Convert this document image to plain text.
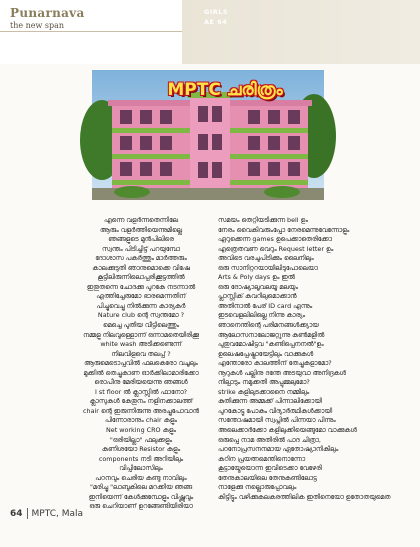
Punarnava
the new span
GIRLS
AE 64
MPTC ചരിത്രം

എന്നെ വളർന്നതെന്നിലേ

ആരും വളർത്തിയെന്നുമില്ലെ

ഞങ്ങളുടെ മുൻപിലിരെ

സ്വന്തം പിടിച്ചിട്ട് പറയുമ്പോ

ദോശാസ പകർത്തും മാർത്തരും

കാലക്കുടുതി ഞാനുമൊക്കെ വിഷേ

കൂട്ടിലിരുന്നിലൊപ്പരിക്കൂട്ടത്തിൽ

ഇതുതന്നെ ചോദക്കു പുറകേ നടന്നാൽ

എത്തിച്ചേരുമോ ഭാരമെന്നതിന്

പിച്ചുവെച്ചു നിൽക്കുന്ന കാര്യകർ

Nature club ന്റെ സ്വന്തമോ ?

മെച്ചെ പുതിയ വീട്ടിലെത്തും

നമ്മളു നിലവുള്ളൊന്ന് ഒന്നാമതെയിരിക്കൂ

white wash അടിക്കണ്ടെന്ന്

നിലവിളവെ തലപ്പ് ?

ആരുമെടൊപ്പവിൽ ഫലകെരോ വചൂലും

മുക്കിൽ തെച്ചുകാണ ഓർക്കിലാമാരിക്കോ

രൊപീനു മേരിയയെന്നു ഞങ്ങൾ

I st floor ൽ ക്ലാസ്സിൽ ഫാനോ?

ക്ലാസുകൾ കേതുനം നളിനക്കാലത്ത്

chair ന്റെ ഇരുന്നിരുന്നു അരച്ചുപോവാൻ

പിന്നോരാനും chair കളും

Net working CRO കളും

"ഒരിയില്ലാ" ഫലുക്കളും

കണിശയോ Resistor കളും

components നടി അറിയിലും

വിപ്പിലോസിലും

പഠനവും ചെരിയ കണ്ടു നാവിലും

"മരിച്ചു "ലാബുകിലെ മറക്കിയ ഞങ്ങ

ഇനിയെന്ന് കേൾക്കുമ്പോളും വിഷ്ണുവും

ഒരു ചെറിയാണ് ഉറങ്ങേണ്ടിയിരിയാ

സമയം തെറ്റിയടിക്കുന്ന bell ഉം

നേരം വൈകിവരുംപ്പോ നേരമെന്നുവേന്നോളും

ഏറുക്കെന്ന games ഉപെക്കാതെരിക്കോ

എത്രെതവണ വെറും Request letter ഉം

അവിടെ വരചുപിടിക്കും ലൈനിലും

ഒരു സാനിറ്ററയായിലിടുപോലെയാ

Arts & Poly days ഉം ഇൽ

ഒരു ദോഷ്യാലൂവലയൂ മലയും

പ്ലാസ്റ്റിക് കവറിലുമൊക്കാൻ

അതിനാൽ പേര് ID card എന്നും

ഇടവെളലിലില്ലെ നിന്നു കാര്യം

ഞാനെന്തിന്റെ പരിമനങ്ങൾക്ക്യായ

ആലോസനാലോജറ്റുന്നു കൺമളിൽ

പുതുവമോഷിട്ടവ "കണ്ടിപ്പെനനൽ"ഉം

ഉലെഷപ്പേഷ്ട്രായേട്ടിലും വാക്കുകൾ

എന്തോരോ കാലത്തിന് തേച്ചുകളാമോ?

നൂറുകൾ പല്ലിനു ദന്തേ അടയുവാ അനിദ്രകൾ

നില്പാടും നമുക്കതി അപ്പുമ്മലുമോ?

strike കളിലുടക്കാനൈ നമ്മിലും

കുതിക്കുന്ന അമ്മക്ക് പിന്നാലിക്കോയി

പുറകോട്ടു പോകും വിദ്യാർത്ഥികൾക്കായി

സന്തോഷമായി സ്വപ്നിൽ പിന്നയാ പിന്നും

അലെക്കാർക്കോ കളിലുക്കിയെങ്ങുമോ വാക്കുകൾ

ഒരുപ്പെ നാമ അതിരിൽ പാദ ചിത്രാ,

പഠനോപ്രസനനമായ ഏതോഷ്യാനികിലും

കഠിന പ്രയത്നമെന്തിനൊന്നോ

കൂട്ടായ്മേയൊന്ന ഇവിടെക്കാ വേഴേരി

തേനുകാലയിലെ തേനുകണ്ടിലോട്ട

നാളേക്കു നല്ലൊരുപ്പോവലും

കിട്ടിട്ടും വഴിക്കുകലകരത്തിലിക ഇതിനെയോ ഉതോതയുമെത

64 MPTC, Mala
